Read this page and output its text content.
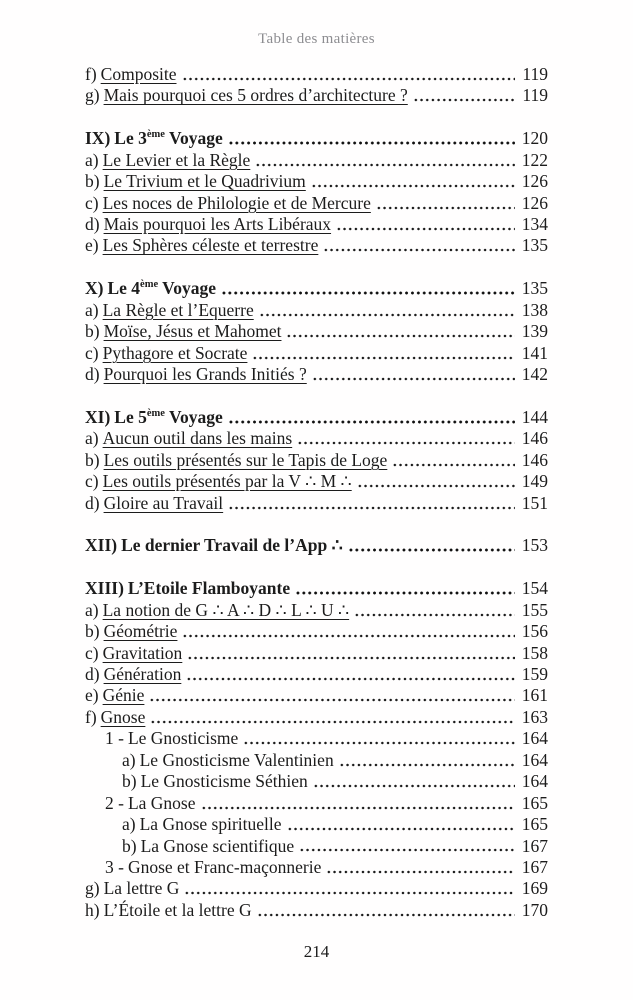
Table des matières
f) Composite	119
g) Mais pourquoi ces 5 ordres d’architecture ?	119
IX) Le 3ème Voyage	120
a) Le Levier et la Règle	122
b) Le Trivium et le Quadrivium	126
c) Les noces de Philologie et de Mercure	126
d) Mais pourquoi les Arts Libéraux	134
e) Les Sphères céleste et terrestre	135
X) Le 4ème Voyage	135
a) La Règle et l’Equerre	138
b) Moïse, Jésus et Mahomet	139
c) Pythagore et Socrate	141
d) Pourquoi les Grands Initiés ?	142
XI) Le 5ème Voyage	144
a) Aucun outil dans les mains	146
b) Les outils présentés sur le Tapis de Loge	146
c) Les outils présentés par la V ∴ M ∴	149
d) Gloire au Travail	151
XII) Le dernier Travail de l’App ∴	153
XIII) L’Etoile Flamboyante	154
a) La notion de G ∴ A ∴ D ∴ L ∴ U ∴	155
b) Géométrie	156
c) Gravitation	158
d) Génération	159
e) Génie	161
f) Gnose	163
1 - Le Gnosticisme	164
a) Le Gnosticisme Valentinien	164
b) Le Gnosticisme Séthien	164
2 - La Gnose	165
a) La Gnose spirituelle	165
b) La Gnose scientifique	167
3 - Gnose et Franc-maçonnerie	167
g) La lettre G	169
h) L’Étoile et la lettre G	170
214
